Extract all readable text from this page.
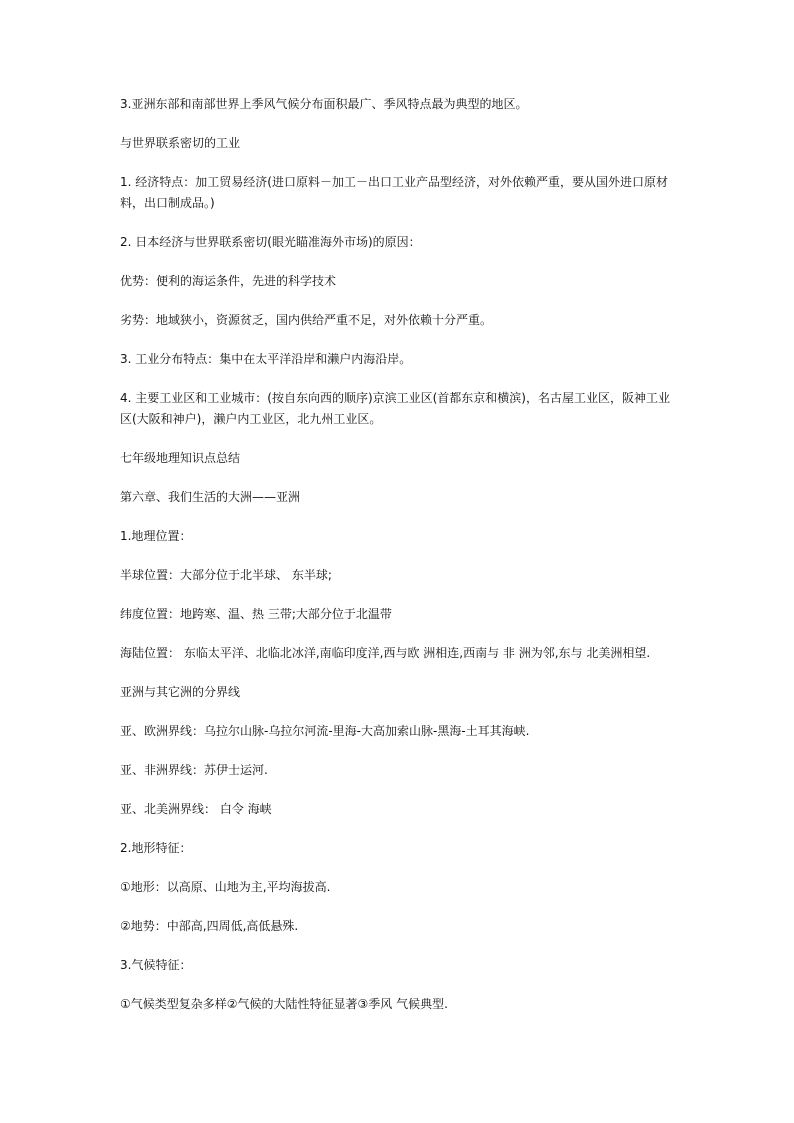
3.亚洲东部和南部世界上季风气候分布面积最广、季风特点最为典型的地区。

与世界联系密切的工业

1. 经济特点：加工贸易经济(进口原料－加工－出口工业产品型经济，对外依赖严重，要从国外进口原材料，出口制成品。)

2. 日本经济与世界联系密切(眼光瞄准海外市场)的原因：

优势：便利的海运条件，先进的科学技术

劣势：地域狭小，资源贫乏，国内供给严重不足，对外依赖十分严重。

3. 工业分布特点：集中在太平洋沿岸和濑户内海沿岸。

4. 主要工业区和工业城市：(按自东向西的顺序)京滨工业区(首都东京和横滨)，名古屋工业区，阪神工业区(大阪和神户)，濑户内工业区，北九州工业区。

七年级地理知识点总结

第六章、我们生活的大洲——亚洲

1.地理位置：

半球位置：大部分位于北半球、 东半球;

纬度位置：地跨寒、温、热 三带;大部分位于北温带

海陆位置： 东临太平洋、北临北冰洋,南临印度洋,西与欧 洲相连,西南与 非 洲为邻,东与 北美洲相望.

亚洲与其它洲的分界线

亚、欧洲界线：乌拉尔山脉-乌拉尔河流-里海-大高加索山脉-黑海-土耳其海峡.

亚、非洲界线：苏伊士运河.

亚、北美洲界线： 白令 海峡

2.地形特征：

①地形：以高原、山地为主,平均海拔高.

②地势：中部高,四周低,高低悬殊.

3.气候特征：

①气候类型复杂多样②气候的大陆性特征显著③季风 气候典型.
